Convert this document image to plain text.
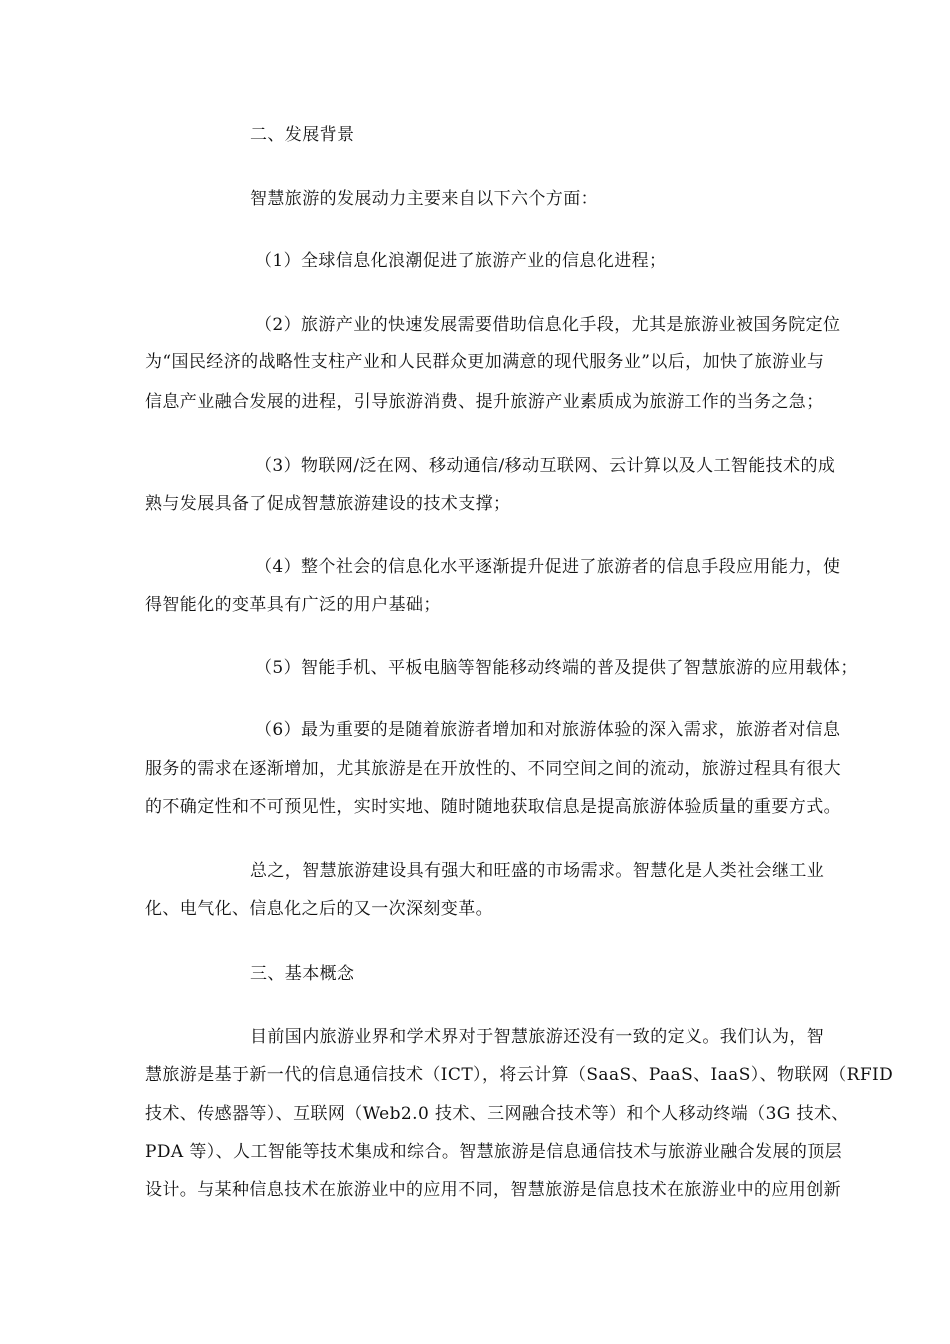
二、发展背景
智慧旅游的发展动力主要来自以下六个方面：
（1）全球信息化浪潮促进了旅游产业的信息化进程；
（2）旅游产业的快速发展需要借助信息化手段，尤其是旅游业被国务院定位
为“国民经济的战略性支柱产业和人民群众更加满意的现代服务业”以后，加快了旅游业与
信息产业融合发展的进程，引导旅游消费、提升旅游产业素质成为旅游工作的当务之急；
（3）物联网/泛在网、移动通信/移动互联网、云计算以及人工智能技术的成
熟与发展具备了促成智慧旅游建设的技术支撑；
（4）整个社会的信息化水平逐渐提升促进了旅游者的信息手段应用能力，使
得智能化的变革具有广泛的用户基础；
（5）智能手机、平板电脑等智能移动终端的普及提供了智慧旅游的应用载体；
（6）最为重要的是随着旅游者增加和对旅游体验的深入需求，旅游者对信息
服务的需求在逐渐增加，尤其旅游是在开放性的、不同空间之间的流动，旅游过程具有很大
的不确定性和不可预见性，实时实地、随时随地获取信息是提高旅游体验质量的重要方式。
总之，智慧旅游建设具有强大和旺盛的市场需求。智慧化是人类社会继工业
化、电气化、信息化之后的又一次深刻变革。
三、基本概念
目前国内旅游业界和学术界对于智慧旅游还没有一致的定义。我们认为，智
慧旅游是基于新一代的信息通信技术（ICT），将云计算（SaaS、PaaS、IaaS）、物联网（RFID
技术、传感器等）、互联网（Web2.0 技术、三网融合技术等）和个人移动终端（3G 技术、
PDA 等）、人工智能等技术集成和综合。智慧旅游是信息通信技术与旅游业融合发展的顶层
设计。与某种信息技术在旅游业中的应用不同，智慧旅游是信息技术在旅游业中的应用创新
